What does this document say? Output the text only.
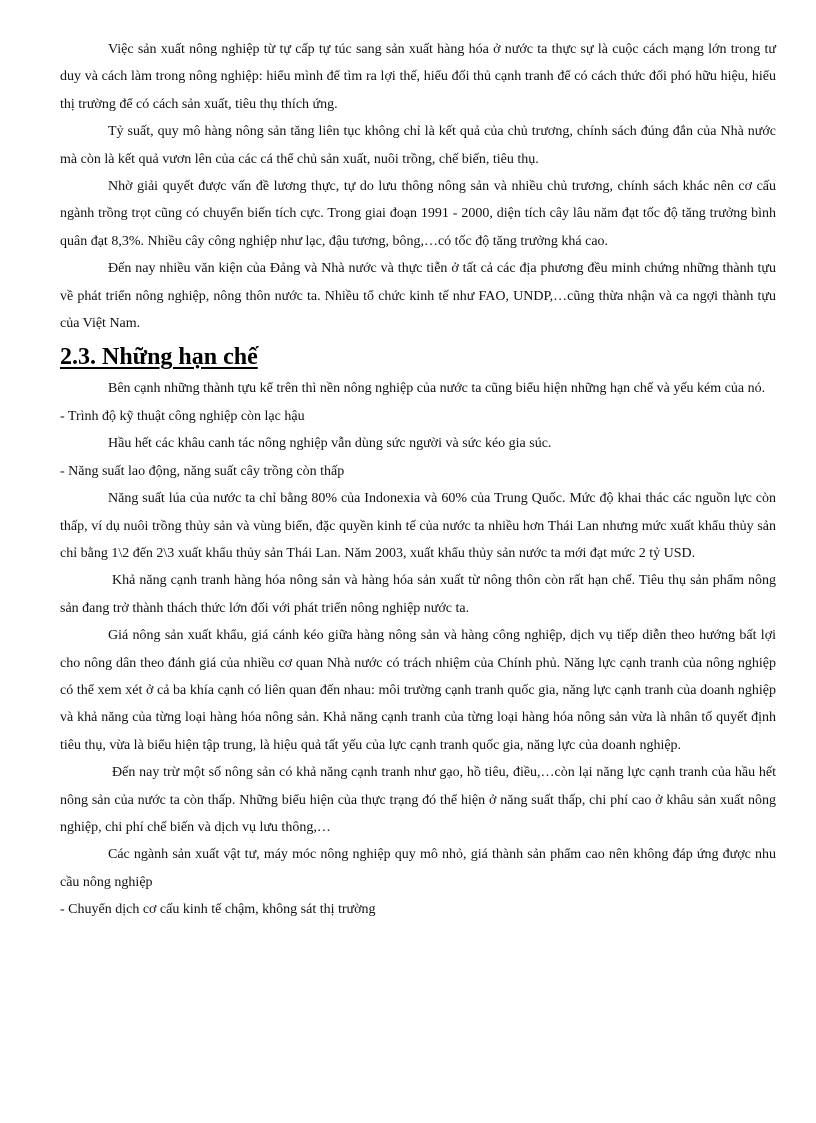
Việc sản xuất nông nghiệp từ tự cấp tự túc sang sản xuất hàng hóa ở nước ta thực sự là cuộc cách mạng lớn trong tư duy và cách làm trong nông nghiệp: hiểu mình để tìm ra lợi thế, hiểu đối thủ cạnh tranh để có cách thức đối phó hữu hiệu, hiểu thị trường để có cách sản xuất, tiêu thụ thích ứng.

Tỷ suất, quy mô hàng nông sản tăng liên tục không chỉ là kết quả của chủ trương, chính sách đúng đắn của Nhà nước mà còn là kết quả vươn lên của các cá thể chủ sản xuất, nuôi trồng, chế biến, tiêu thụ.

Nhờ giải quyết được vấn đề lương thực, tự do lưu thông nông sản và nhiều chủ trương, chính sách khác nên cơ cấu ngành trồng trọt cũng có chuyển biến tích cực. Trong giai đoạn 1991 - 2000, diện tích cây lâu năm đạt tốc độ tăng trưởng bình quân đạt 8,3%. Nhiều cây công nghiệp như lạc, đậu tương, bông,…có tốc độ tăng trưởng khá cao.

Đến nay nhiều văn kiện của Đảng và Nhà nước và thực tiễn ở tất cả các địa phương đều minh chứng những thành tựu về phát triển nông nghiệp, nông thôn nước ta. Nhiều tổ chức kinh tế như FAO, UNDP,…cũng thừa nhận và ca ngợi thành tựu của Việt Nam.

2.3. Những hạn chế

Bên cạnh những thành tựu kể trên thì nền nông nghiệp của nước ta cũng biểu hiện những hạn chế và yếu kém của nó.

- Trình độ kỹ thuật công nghiệp còn lạc hậu

Hầu hết các khâu canh tác nông nghiệp vẫn dùng sức người và sức kéo gia súc.

- Năng suất lao động, năng suất cây trồng còn thấp

Năng suất lúa của nước ta chỉ bằng 80% của Indonexia và 60% của Trung Quốc. Mức độ khai thác các nguồn lực còn thấp, ví dụ nuôi trồng thủy sản và vùng biển, đặc quyền kinh tế của nước ta nhiều hơn Thái Lan nhưng mức xuất khẩu thủy sản chỉ bằng 1\2 đến 2\3 xuất khẩu thủy sản Thái Lan. Năm 2003, xuất khẩu thủy sản nước ta mới đạt mức 2 tỷ USD.

Khả năng cạnh tranh hàng hóa nông sản và hàng hóa sản xuất từ nông thôn còn rất hạn chế. Tiêu thụ sản phẩm nông sản đang trở thành thách thức lớn đối với phát triển nông nghiệp nước ta.

Giá nông sản xuất khẩu, giá cánh kéo giữa hàng nông sản và hàng công nghiệp, dịch vụ tiếp diễn theo hướng bất lợi cho nông dân theo đánh giá của nhiều cơ quan Nhà nước có trách nhiệm của Chính phủ. Năng lực cạnh tranh của nông nghiệp có thể xem xét ở cả ba khía cạnh có liên quan đến nhau: môi trường cạnh tranh quốc gia, năng lực cạnh tranh của doanh nghiệp và khả năng của từng loại hàng hóa nông sản. Khả năng cạnh tranh của từng loại hàng hóa nông sản vừa là nhân tố quyết định tiêu thụ, vừa là biểu hiện tập trung, là hiệu quả tất yếu của lực cạnh tranh quốc gia, năng lực của doanh nghiệp.

Đến nay trừ một số nông sản có khả năng cạnh tranh như gạo, hồ tiêu, điều,…còn lại năng lực cạnh tranh của hầu hết nông sản của nước ta còn thấp. Những biểu hiện của thực trạng đó thể hiện ở năng suất thấp, chi phí cao ở khâu sản xuất nông nghiệp, chi phí chế biến và dịch vụ lưu thông,…

Các ngành sản xuất vật tư, máy móc nông nghiệp quy mô nhỏ, giá thành sản phẩm cao nên không đáp ứng được nhu cầu nông nghiệp

- Chuyển dịch cơ cấu kinh tế chậm, không sát thị trường
